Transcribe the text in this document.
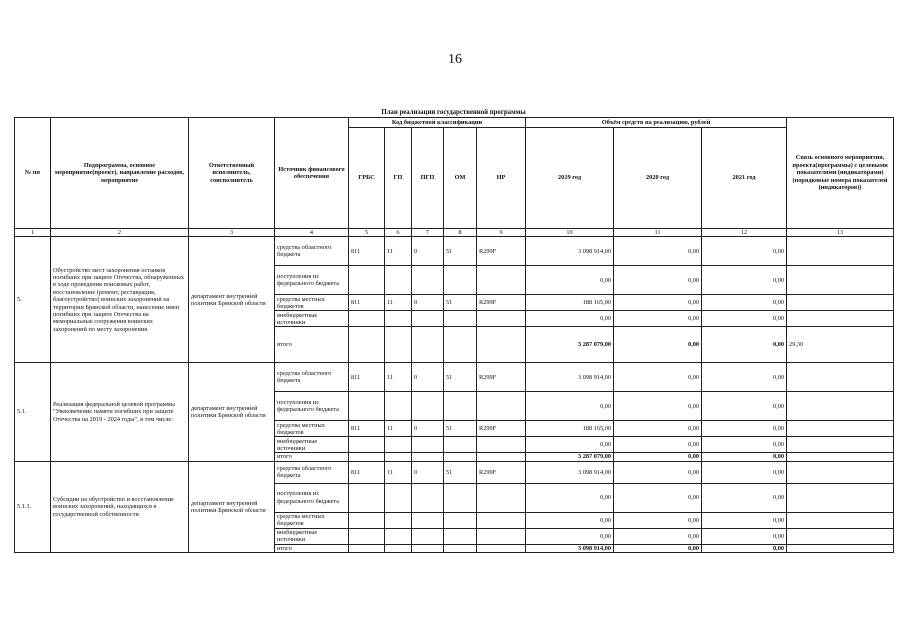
16
План реализации государственной программы
№ пп	Подпрограмма, основное мероприятие(проект), направление расходов, мероприятие	Ответственный исполнитель, соисполнитель	Источник финансового обеспечения	Код бюджетной классификации					Объём средств на реализацию, рублей			Связь основного мероприятия, проекта(программы) с целевыми показателями (индикаторами) (порядковые номера показателей (индикаторов))
				ГРБС	ГП	ПГП	ОМ	НР	2019 год	2020 год	2021 год	

1	2	3	4	5	6	7	8	9	10	11	12	13
5.	Обустройство мест захоронения останков погибших при защите Отечества, обнаруженных в ходе проведения поисковых работ, восстановление (ремонт, реставрация, благоустройство) воинских захоронений на территории Брянской области, нанесение имен погибших при защите Отечества на мемориальные сооружения воинских захоронений по месту захоронения	департамент внутренней политики Брянской области	средства областного бюджета	811	11	0	51	R299F	3 098 914,00	0,00	0,00	
			поступления из федерального бюджета						0,00	0,00	0,00	
			средства местных бюджетов	811	11	0	51	R299F	188 165,00	0,00	0,00	
			внебюджетные источники						0,00	0,00	0,00	
			итого						3 287 079,00	0,00	0,00	29,30
5.1.	Реализация федеральной целевой программы "Увековечение памяти погибших при защите Отечества на 2019 - 2024 годы", в том числе:	департамент внутренней политики Брянской области	средства областного бюджета	811	11	0	51	R299F	3 098 914,00	0,00	0,00	
			поступления из федерального бюджета						0,00	0,00	0,00	
			средства местных бюджетов	811	11	0	51	R299F	188 165,00	0,00	0,00	
			внебюджетные источники						0,00	0,00	0,00	
			итого						3 287 079,00	0,00	0,00	
5.1.1.	Субсидии на обустройство и восстановление воинских захоронений, находящихся в государственной собственности	департамент внутренней политики Брянской области	средства областного бюджета	811	11	0	51	R299F	3 098 914,00	0,00	0,00	
			поступления из федерального бюджета						0,00	0,00	0,00	
			средства местных бюджетов						0,00	0,00	0,00	
			внебюджетные источники						0,00	0,00	0,00	
			итого						3 098 914,00	0,00	0,00	
